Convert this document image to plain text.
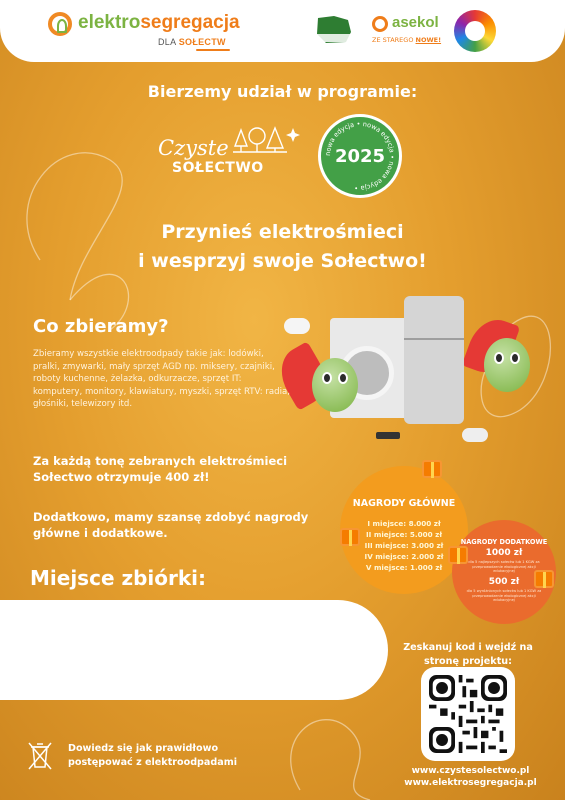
elektrosegregacja
DLA SOŁECTW
asekol
ZE STAREGO NOWE!
Bierzemy udział w programie:
Czyste
SOŁECTWO
nowa edycja • nowa edycja • nowa edycja •
2025
Przynieś elektrośmieci
i wesprzyj swoje Sołectwo!
Co zbieramy?
Zbieramy wszystkie elektroodpady takie jak: lodówki, pralki, zmywarki, mały sprzęt AGD np. miksery, czajniki, roboty kuchenne, żelazka, odkurzacze, sprzęt IT: komputery, monitory, klawiatury, myszki, sprzęt RTV: radia, głośniki, telewizory itd.
Za każdą tonę zebranych elektrośmieci Sołectwo otrzymuje 400 zł!
Dodatkowo, mamy szansę zdobyć nagrody główne i dodatkowe.
NAGRODY GŁÓWNE
I miejsce: 8.000 zł
II miejsce: 5.000 zł
III miejsce: 3.000 zł
IV miejsce: 2.000 zł
V miejsce: 1.000 zł
NAGRODY DODATKOWE
1000 zł
dla 5 najlepszych sołectw lub 1 KGW za przeprowadzenie ekologicznej akcji edukacyjnej
500 zł
dla 5 wyróżnionych sołectw lub 1 KGW za przeprowadzenie ekologicznej akcji edukacyjnej
Miejsce zbiórki:
Zeskanuj kod i wejdź na stronę projektu:
www.czystesolectwo.pl
www.elektrosegregacja.pl
Dowiedz się jak prawidłowo
postępować z elektroodpadami
